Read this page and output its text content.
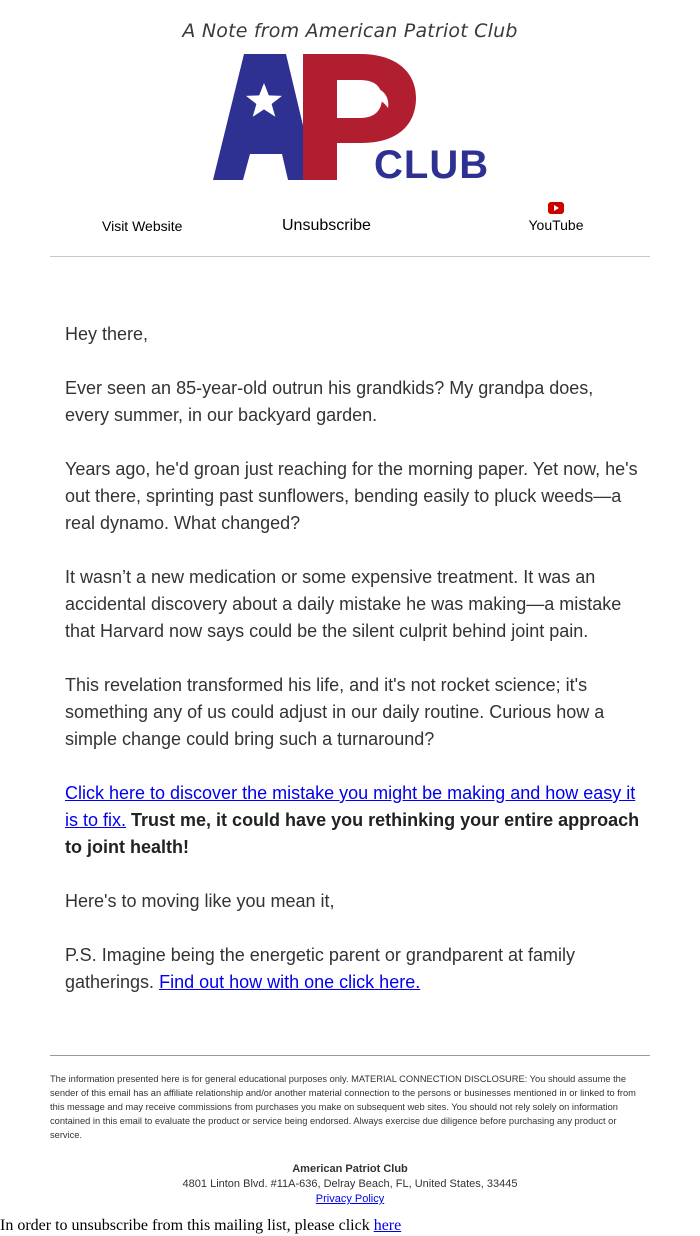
A Note from American Patriot Club
CLUB
Visit Website	Unsubscribe	YouTube

Hey there,

Ever seen an 85-year-old outrun his grandkids? My grandpa does, every summer, in our backyard garden.

Years ago, he'd groan just reaching for the morning paper. Yet now, he's out there, sprinting past sunflowers, bending easily to pluck weeds—a real dynamo. What changed?

It wasn’t a new medication or some expensive treatment. It was an accidental discovery about a daily mistake he was making—a mistake that Harvard now says could be the silent culprit behind joint pain.

This revelation transformed his life, and it's not rocket science; it's something any of us could adjust in our daily routine. Curious how a simple change could bring such a turnaround?

Click here to discover the mistake you might be making and how easy it is to fix. Trust me, it could have you rethinking your entire approach to joint health!

Here's to moving like you mean it,

P.S. Imagine being the energetic parent or grandparent at family gatherings. Find out how with one click here.

The information presented here is for general educational purposes only. MATERIAL CONNECTION DISCLOSURE: You should assume the sender of this email has an affiliate relationship and/or another material connection to the persons or businesses mentioned in or linked to from this message and may receive commissions from purchases you make on subsequent web sites. You should not rely solely on information contained in this email to evaluate the product or service being endorsed. Always exercise due diligence before purchasing any product or service.
American Patriot Club
4801 Linton Blvd. #11A-636, Delray Beach, FL, United States, 33445
Privacy Policy
In order to unsubscribe from this mailing list, please click here
